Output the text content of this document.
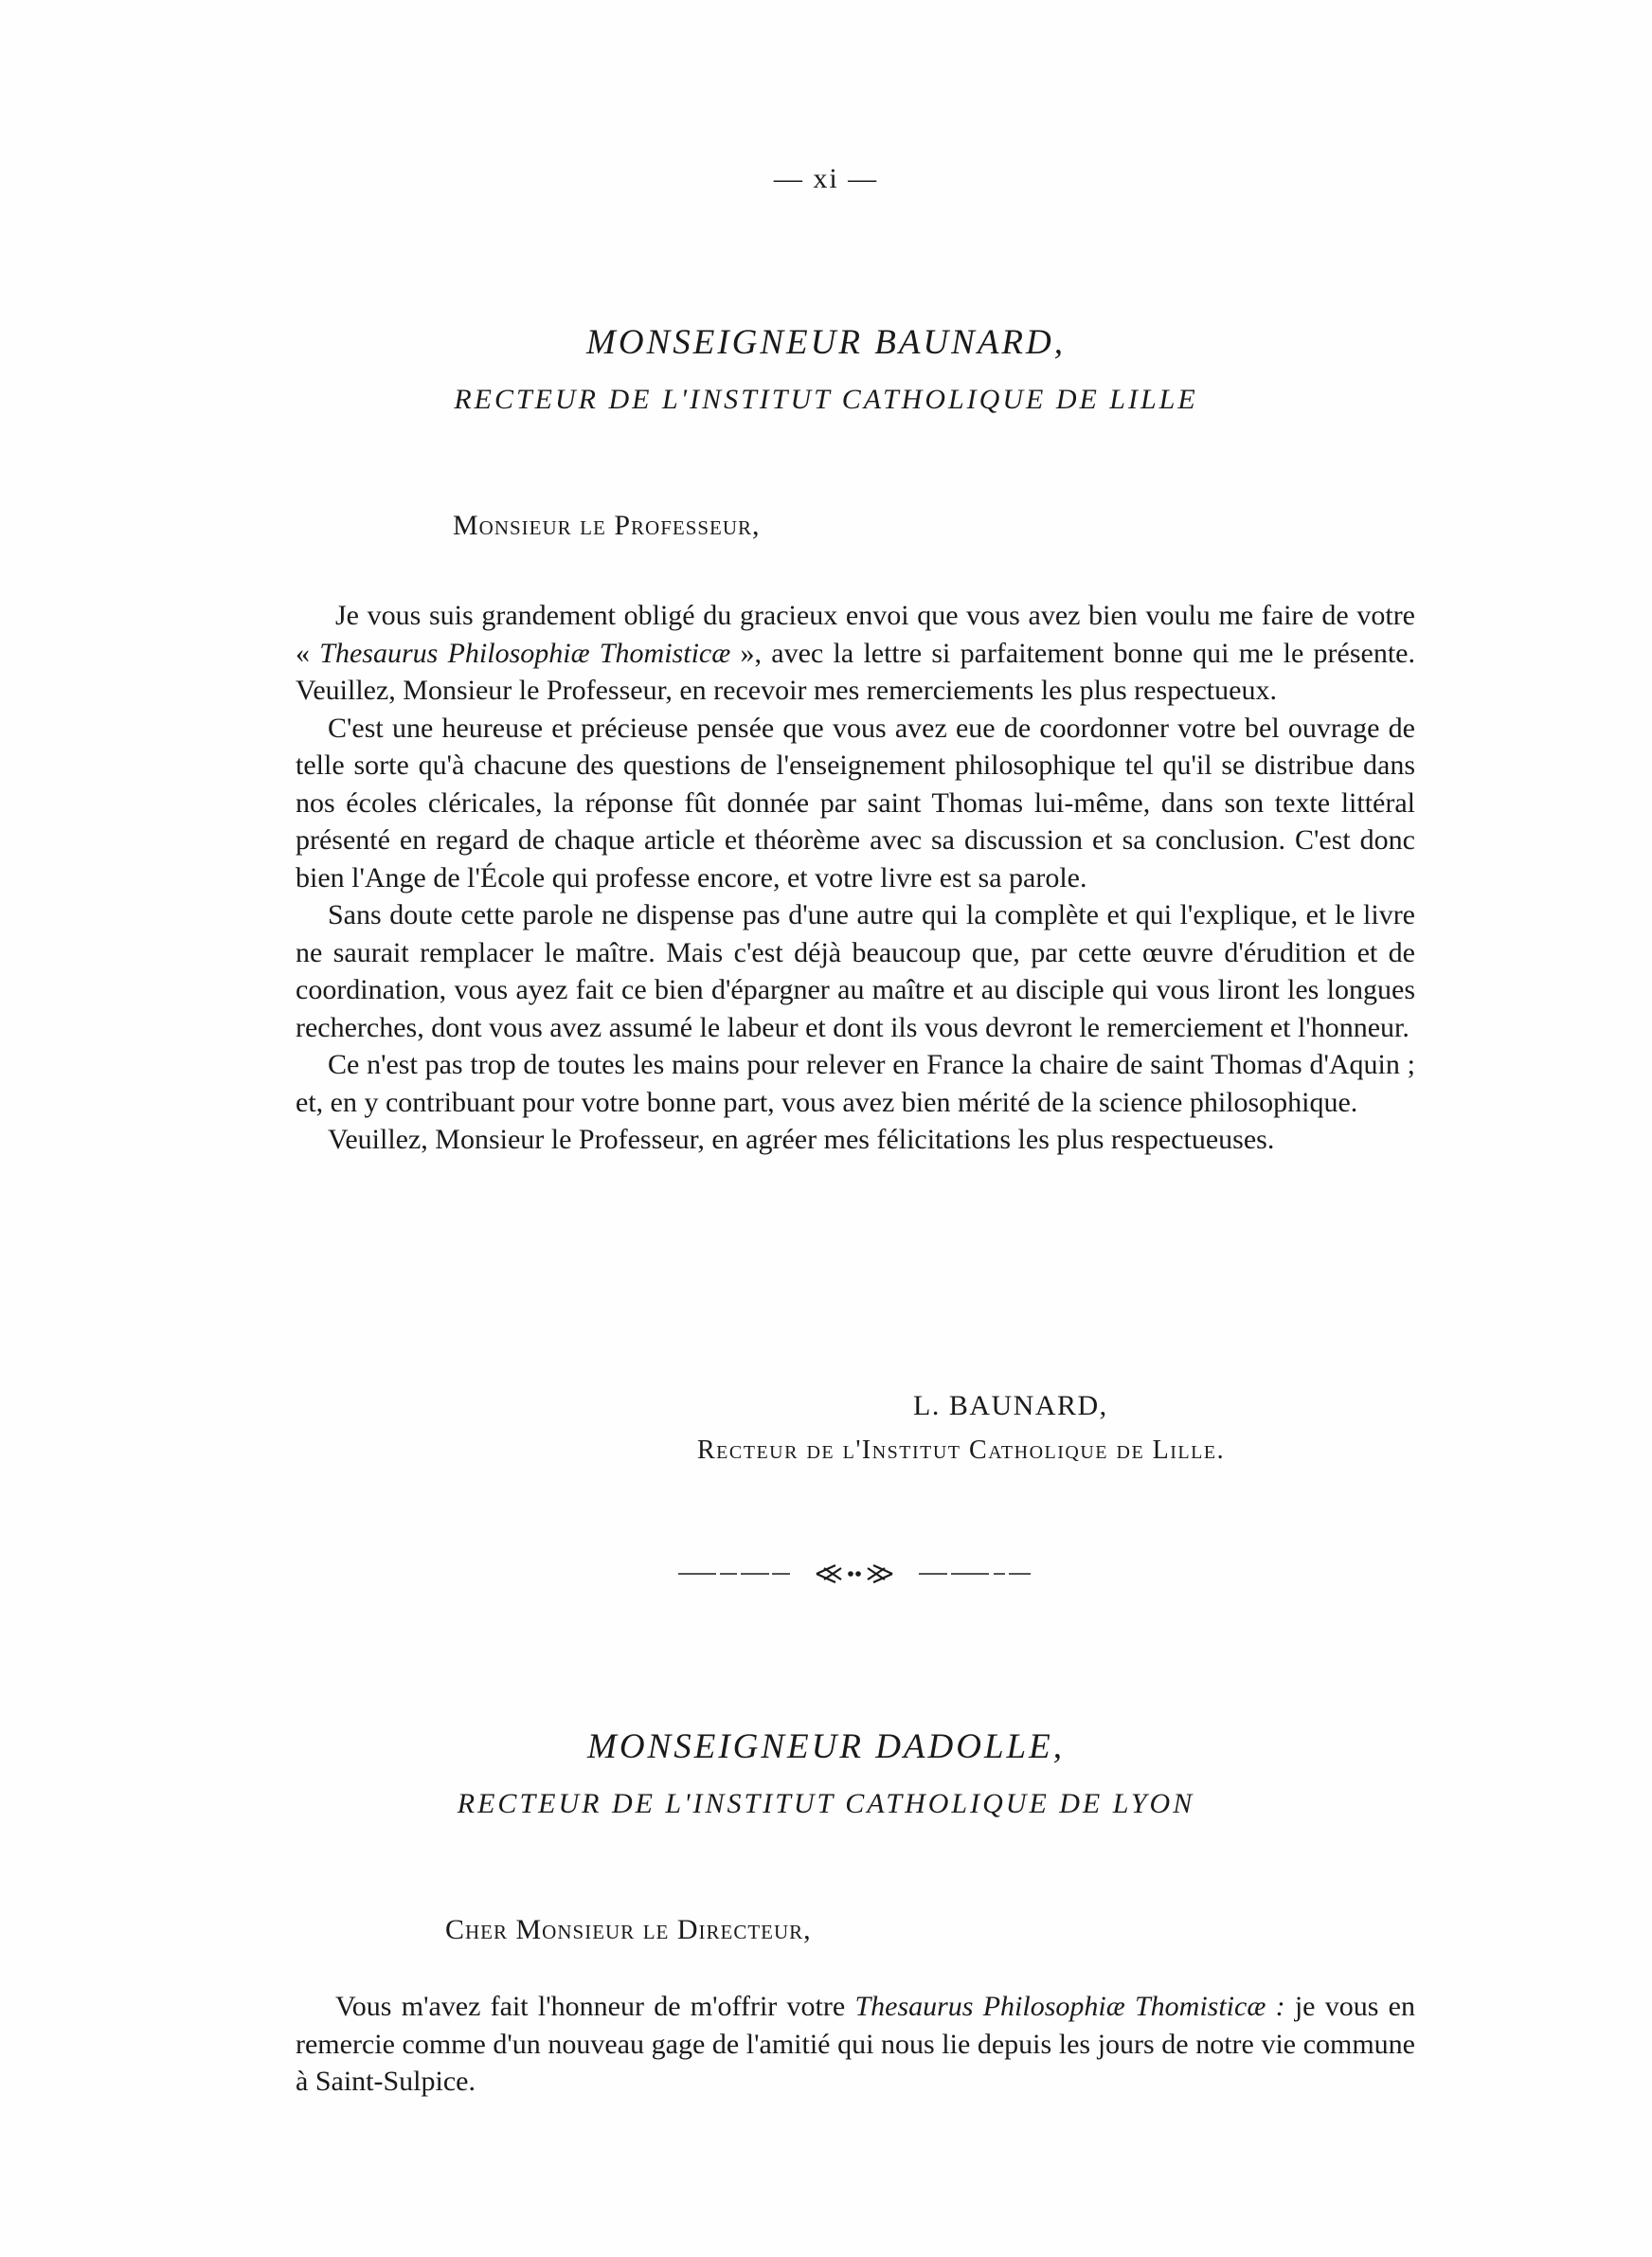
— xi —
MONSEIGNEUR BAUNARD,
RECTEUR DE L'INSTITUT CATHOLIQUE DE LILLE
Monsieur le Professeur,

Je vous suis grandement obligé du gracieux envoi que vous avez bien voulu me faire de votre « Thesaurus Philosophiæ Thomisticæ », avec la lettre si parfaitement bonne qui me le présente. Veuillez, Monsieur le Professeur, en recevoir mes remerciements les plus respectueux.

C'est une heureuse et précieuse pensée que vous avez eue de coordonner votre bel ouvrage de telle sorte qu'à chacune des questions de l'enseignement philosophique tel qu'il se distribue dans nos écoles cléricales, la réponse fût donnée par saint Thomas lui-même, dans son texte littéral présenté en regard de chaque article et théorème avec sa discussion et sa conclusion. C'est donc bien l'Ange de l'École qui professe encore, et votre livre est sa parole.

Sans doute cette parole ne dispense pas d'une autre qui la complète et qui l'explique, et le livre ne saurait remplacer le maître. Mais c'est déjà beaucoup que, par cette œuvre d'érudition et de coordination, vous ayez fait ce bien d'épargner au maître et au disciple qui vous liront les longues recherches, dont vous avez assumé le labeur et dont ils vous devront le remerciement et l'honneur.

Ce n'est pas trop de toutes les mains pour relever en France la chaire de saint Thomas d'Aquin ; et, en y contribuant pour votre bonne part, vous avez bien mérité de la science philosophique.

Veuillez, Monsieur le Professeur, en agréer mes félicitations les plus respectueuses.

L. BAUNARD,
Recteur de l'Institut Catholique de Lille.
MONSEIGNEUR DADOLLE,
RECTEUR DE L'INSTITUT CATHOLIQUE DE LYON
Cher Monsieur le Directeur,

Vous m'avez fait l'honneur de m'offrir votre Thesaurus Philosophiæ Thomisticæ : je vous en remercie comme d'un nouveau gage de l'amitié qui nous lie depuis les jours de notre vie commune à Saint-Sulpice.
